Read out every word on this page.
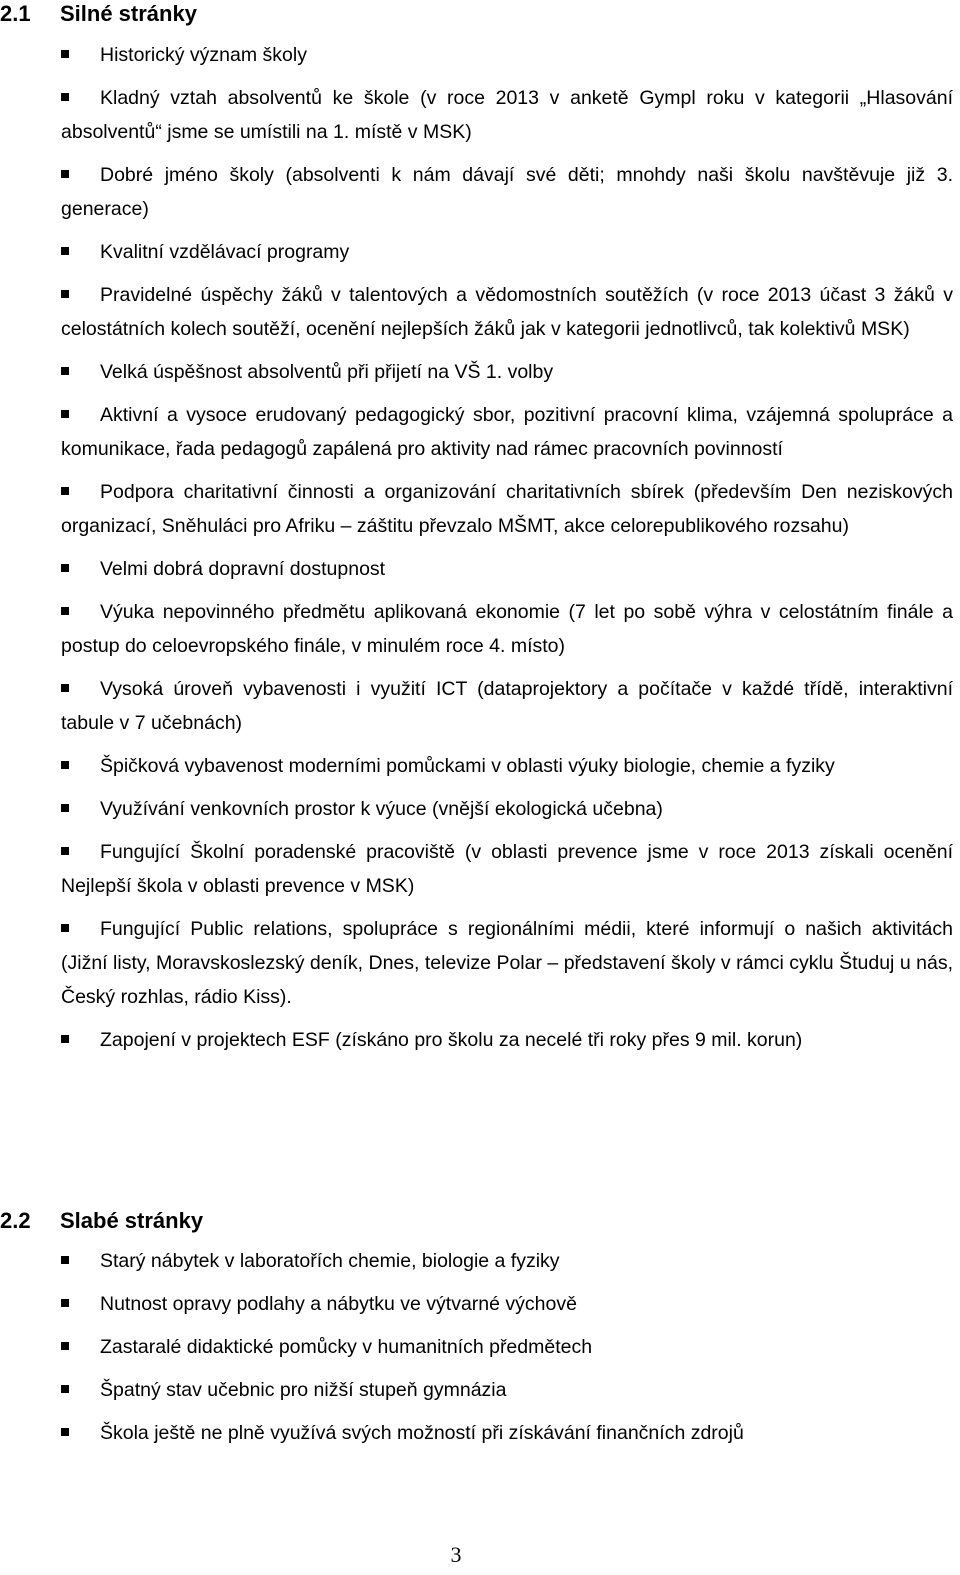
2.1 Silné stránky
Historický význam školy
Kladný vztah absolventů ke škole (v roce 2013 v anketě Gympl roku v kategorii „Hlasování absolventů“ jsme se umístili na 1. místě v MSK)
Dobré jméno školy (absolventi k nám dávají své děti; mnohdy naši školu navštěvuje již 3. generace)
Kvalitní vzdělávací programy
Pravidelné úspěchy žáků v talentových a vědomostních soutěžích (v roce 2013 účast 3 žáků v celostátních kolech soutěží, ocenění nejlepších žáků jak v kategorii jednotlivců, tak kolektivů MSK)
Velká úspěšnost absolventů při přijetí na VŠ 1. volby
Aktivní a vysoce erudovaný pedagogický sbor, pozitivní pracovní klima, vzájemná spolupráce a komunikace, řada pedagogů zapálená pro aktivity nad rámec pracovních povinností
Podpora charitativní činnosti a organizování charitativních sbírek (především Den neziskových organizací, Sněhuláci pro Afriku – záštitu převzalo MŠMT, akce celorepublikového rozsahu)
Velmi dobrá dopravní dostupnost
Výuka nepovinného předmětu aplikovaná ekonomie (7 let po sobě výhra v celostátním finále a postup do celoevropského finále, v minulém roce 4. místo)
Vysoká úroveň vybavenosti i využití ICT (dataprojektory a počítače v každé třídě, interaktivní tabule v 7 učebnách)
Špičková vybavenost moderními pomůckami v oblasti výuky biologie, chemie a fyziky
Využívání venkovních prostor k výuce (vnější ekologická učebna)
Fungující Školní poradenské pracoviště (v oblasti prevence jsme v roce 2013 získali ocenění Nejlepší škola v oblasti prevence v MSK)
Fungující Public relations, spolupráce s regionálními médii, které informují o našich aktivitách (Jižní listy, Moravskoslezský deník, Dnes, televize Polar – představení školy v rámci cyklu Študuj u nás, Český rozhlas, rádio Kiss).
Zapojení v projektech ESF (získáno pro školu za necelé tři roky přes 9 mil. korun)
2.2 Slabé stránky
Starý nábytek v laboratořích chemie, biologie a fyziky
Nutnost opravy podlahy a nábytku ve výtvarné výchově
Zastaralé didaktické pomůcky v humanitních předmětech
Špatný stav učebnic pro nižší stupeň gymnázia
Škola ještě ne plně využívá svých možností při získávání finančních zdrojů
3
